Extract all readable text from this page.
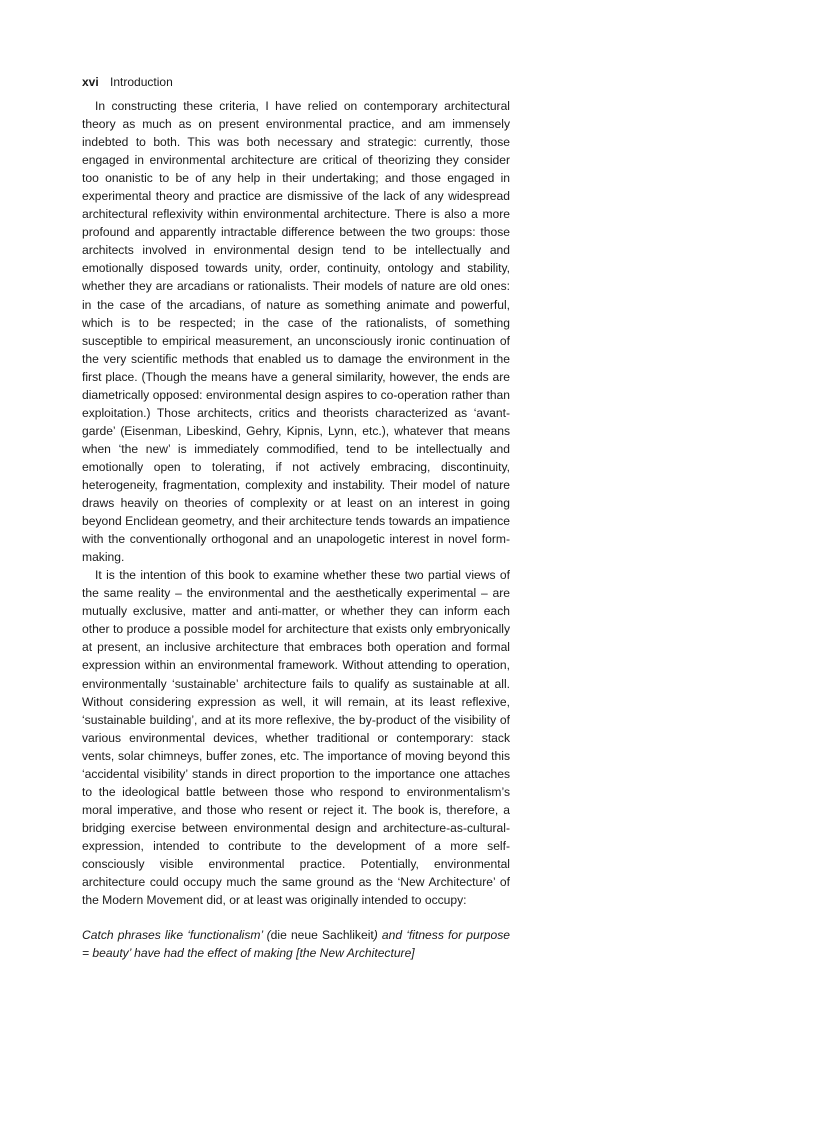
xvi Introduction

In constructing these criteria, I have relied on contemporary architectural theory as much as on present environmental practice, and am immensely indebted to both. This was both necessary and strategic: currently, those engaged in environmental architecture are critical of theorizing they consider too onanistic to be of any help in their undertaking; and those engaged in experimental theory and practice are dismissive of the lack of any widespread architectural reflexivity within environmental architecture. There is also a more profound and apparently intractable difference between the two groups: those architects involved in environmental design tend to be intellectually and emotionally disposed towards unity, order, continuity, ontology and stability, whether they are arcadians or rationalists. Their models of nature are old ones: in the case of the arcadians, of nature as something animate and powerful, which is to be respected; in the case of the rationalists, of something susceptible to empirical measurement, an unconsciously ironic continuation of the very scientific methods that enabled us to damage the environment in the first place. (Though the means have a general similarity, however, the ends are diametrically opposed: environmental design aspires to co-operation rather than exploitation.) Those architects, critics and theorists characterized as ‘avant-garde’ (Eisenman, Libeskind, Gehry, Kipnis, Lynn, etc.), whatever that means when ‘the new’ is immediately commodified, tend to be intellectually and emotionally open to tolerating, if not actively embracing, discontinuity, heterogeneity, fragmentation, complexity and instability. Their model of nature draws heavily on theories of complexity or at least on an interest in going beyond Enclidean geometry, and their architecture tends towards an impatience with the conventionally orthogonal and an unapologetic interest in novel form-making.

It is the intention of this book to examine whether these two partial views of the same reality – the environmental and the aesthetically experimental – are mutually exclusive, matter and anti-matter, or whether they can inform each other to produce a possible model for architecture that exists only embryonically at present, an inclusive architecture that embraces both operation and formal expression within an environmental framework. Without attending to operation, environmentally ‘sustainable’ architecture fails to qualify as sustainable at all. Without considering expression as well, it will remain, at its least reflexive, ‘sustainable building’, and at its more reflexive, the by-product of the visibility of various environmental devices, whether traditional or contemporary: stack vents, solar chimneys, buffer zones, etc. The importance of moving beyond this ‘accidental visibility’ stands in direct proportion to the importance one attaches to the ideological battle between those who respond to environmentalism’s moral imperative, and those who resent or reject it. The book is, therefore, a bridging exercise between environmental design and architecture-as-cultural-expression, intended to contribute to the development of a more self-consciously visible environmental practice. Potentially, environmental architecture could occupy much the same ground as the ‘New Architecture’ of the Modern Movement did, or at least was originally intended to occupy:

Catch phrases like ‘functionalism’ (die neue Sachlikeit) and ‘fitness for purpose = beauty’ have had the effect of making [the New Architecture]
